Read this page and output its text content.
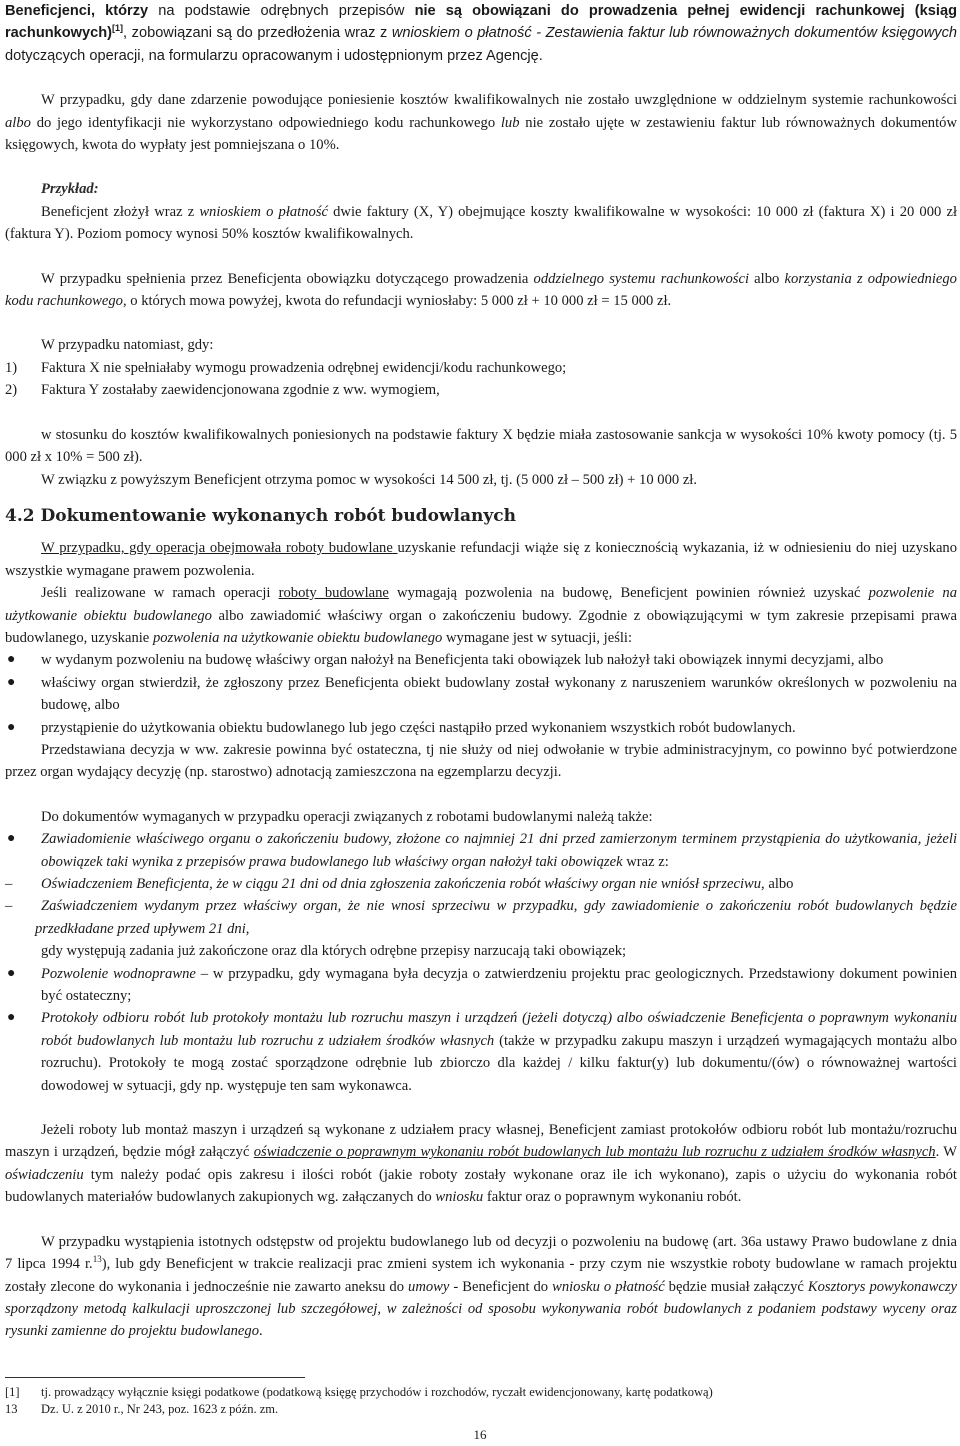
Beneficjenci, którzy na podstawie odrębnych przepisów nie są obowiązani do prowadzenia pełnej ewidencji rachunkowej (ksiąg rachunkowych)[1], zobowiązani są do przedłożenia wraz z wnioskiem o płatność - Zestawienia faktur lub równoważnych dokumentów księgowych dotyczących operacji, na formularzu opracowanym i udostępnionym przez Agencję.

W przypadku, gdy dane zdarzenie powodujące poniesienie kosztów kwalifikowalnych nie zostało uwzględnione w oddzielnym systemie rachunkowości albo do jego identyfikacji nie wykorzystano odpowiedniego kodu rachunkowego lub nie zostało ujęte w zestawieniu faktur lub równoważnych dokumentów księgowych, kwota do wypłaty jest pomniejszana o 10%.

Przykład:

Beneficjent złożył wraz z wnioskiem o płatność dwie faktury (X, Y) obejmujące koszty kwalifikowalne w wysokości: 10 000 zł (faktura X) i 20 000 zł (faktura Y). Poziom pomocy wynosi 50% kosztów kwalifikowalnych.

W przypadku spełnienia przez Beneficjenta obowiązku dotyczącego prowadzenia oddzielnego systemu rachunkowości albo korzystania z odpowiedniego kodu rachunkowego, o których mowa powyżej, kwota do refundacji wyniosłaby: 5 000 zł + 10 000 zł = 15 000 zł.

W przypadku natomiast, gdy:

1) Faktura X nie spełniałaby wymogu prowadzenia odrębnej ewidencji/kodu rachunkowego;
2) Faktura Y zostałaby zaewidencjonowana zgodnie z ww. wymogiem,

w stosunku do kosztów kwalifikowalnych poniesionych na podstawie faktury X będzie miała zastosowanie sankcja w wysokości 10% kwoty pomocy (tj. 5 000 zł x 10% = 500 zł).

W związku z powyższym Beneficjent otrzyma pomoc w wysokości 14 500 zł, tj. (5 000 zł – 500 zł) + 10 000 zł.

4.2 Dokumentowanie wykonanych robót budowlanych

W przypadku, gdy operacja obejmowała roboty budowlane uzyskanie refundacji wiąże się z koniecznością wykazania, iż w odniesieniu do niej uzyskano wszystkie wymagane prawem pozwolenia.

Jeśli realizowane w ramach operacji roboty budowlane wymagają pozwolenia na budowę, Beneficjent powinien również uzyskać pozwolenie na użytkowanie obiektu budowlanego albo zawiadomić właściwy organ o zakończeniu budowy. Zgodnie z obowiązującymi w tym zakresie przepisami prawa budowlanego, uzyskanie pozwolenia na użytkowanie obiektu budowlanego wymagane jest w sytuacji, jeśli:

● w wydanym pozwoleniu na budowę właściwy organ nałożył na Beneficjenta taki obowiązek lub nałożył taki obowiązek innymi decyzjami, albo
● właściwy organ stwierdził, że zgłoszony przez Beneficjenta obiekt budowlany został wykonany z naruszeniem warunków określonych w pozwoleniu na budowę, albo
● przystąpienie do użytkowania obiektu budowlanego lub jego części nastąpiło przed wykonaniem wszystkich robót budowlanych.

Przedstawiana decyzja w ww. zakresie powinna być ostateczna, tj nie służy od niej odwołanie w trybie administracyjnym, co powinno być potwierdzone przez organ wydający decyzję (np. starostwo) adnotacją zamieszczona na egzemplarzu decyzji.

Do dokumentów wymaganych w przypadku operacji związanych z robotami budowlanymi należą także:

● Zawiadomienie właściwego organu o zakończeniu budowy, złożone co najmniej 21 dni przed zamierzonym terminem przystąpienia do użytkowania, jeżeli obowiązek taki wynika z przepisów prawa budowlanego lub właściwy organ nałożył taki obowiązek wraz z:
– Oświadczeniem Beneficjenta, że w ciągu 21 dni od dnia zgłoszenia zakończenia robót właściwy organ nie wniósł sprzeciwu, albo
– Zaświadczeniem wydanym przez właściwy organ, że nie wnosi sprzeciwu w przypadku, gdy zawiadomienie o zakończeniu robót budowlanych będzie przedkładane przed upływem 21 dni,
gdy występują zadania już zakończone oraz dla których odrębne przepisy narzucają taki obowiązek;
● Pozwolenie wodnoprawne – w przypadku, gdy wymagana była decyzja o zatwierdzeniu projektu prac geologicznych. Przedstawiony dokument powinien być ostateczny;
● Protokoły odbioru robót lub protokoły montażu lub rozruchu maszyn i urządzeń (jeżeli dotyczą) albo oświadczenie Beneficjenta o poprawnym wykonaniu robót budowlanych lub montażu lub rozruchu z udziałem środków własnych (także w przypadku zakupu maszyn i urządzeń wymagających montażu albo rozruchu). Protokoły te mogą zostać sporządzone odrębnie lub zbiorczo dla każdej / kilku faktur(y) lub dokumentu/(ów) o równoważnej wartości dowodowej w sytuacji, gdy np. występuje ten sam wykonawca.

Jeżeli roboty lub montaż maszyn i urządzeń są wykonane z udziałem pracy własnej, Beneficjent zamiast protokołów odbioru robót lub montażu/rozruchu maszyn i urządzeń, będzie mógł załączyć oświadczenie o poprawnym wykonaniu robót budowlanych lub montażu lub rozruchu z udziałem środków własnych. W oświadczeniu tym należy podać opis zakresu i ilości robót (jakie roboty zostały wykonane oraz ile ich wykonano), zapis o użyciu do wykonania robót budowlanych materiałów budowlanych zakupionych wg. załączanych do wniosku faktur oraz o poprawnym wykonaniu robót.

W przypadku wystąpienia istotnych odstępstw od projektu budowlanego lub od decyzji o pozwoleniu na budowę (art. 36a ustawy Prawo budowlane z dnia 7 lipca 1994 r.$^{13}$), lub gdy Beneficjent w trakcie realizacji prac zmieni system ich wykonania - przy czym nie wszystkie roboty budowlane w ramach projektu zostały zlecone do wykonania i jednocześnie nie zawarto aneksu do umowy - Beneficjent do wniosku o płatność będzie musiał załączyć Kosztorys powykonawczy sporządzony metodą kalkulacji uproszczonej lub szczegółowej, w zależności od sposobu wykonywania robót budowlanych z podaniem podstawy wyceny oraz rysunki zamienne do projektu budowlanego.

[1] tj. prowadzący wyłącznie księgi podatkowe (podatkową księgę przychodów i rozchodów, ryczałt ewidencjonowany, kartę podatkową)
13 Dz. U. z 2010 r., Nr 243, poz. 1623 z późn. zm.
16
